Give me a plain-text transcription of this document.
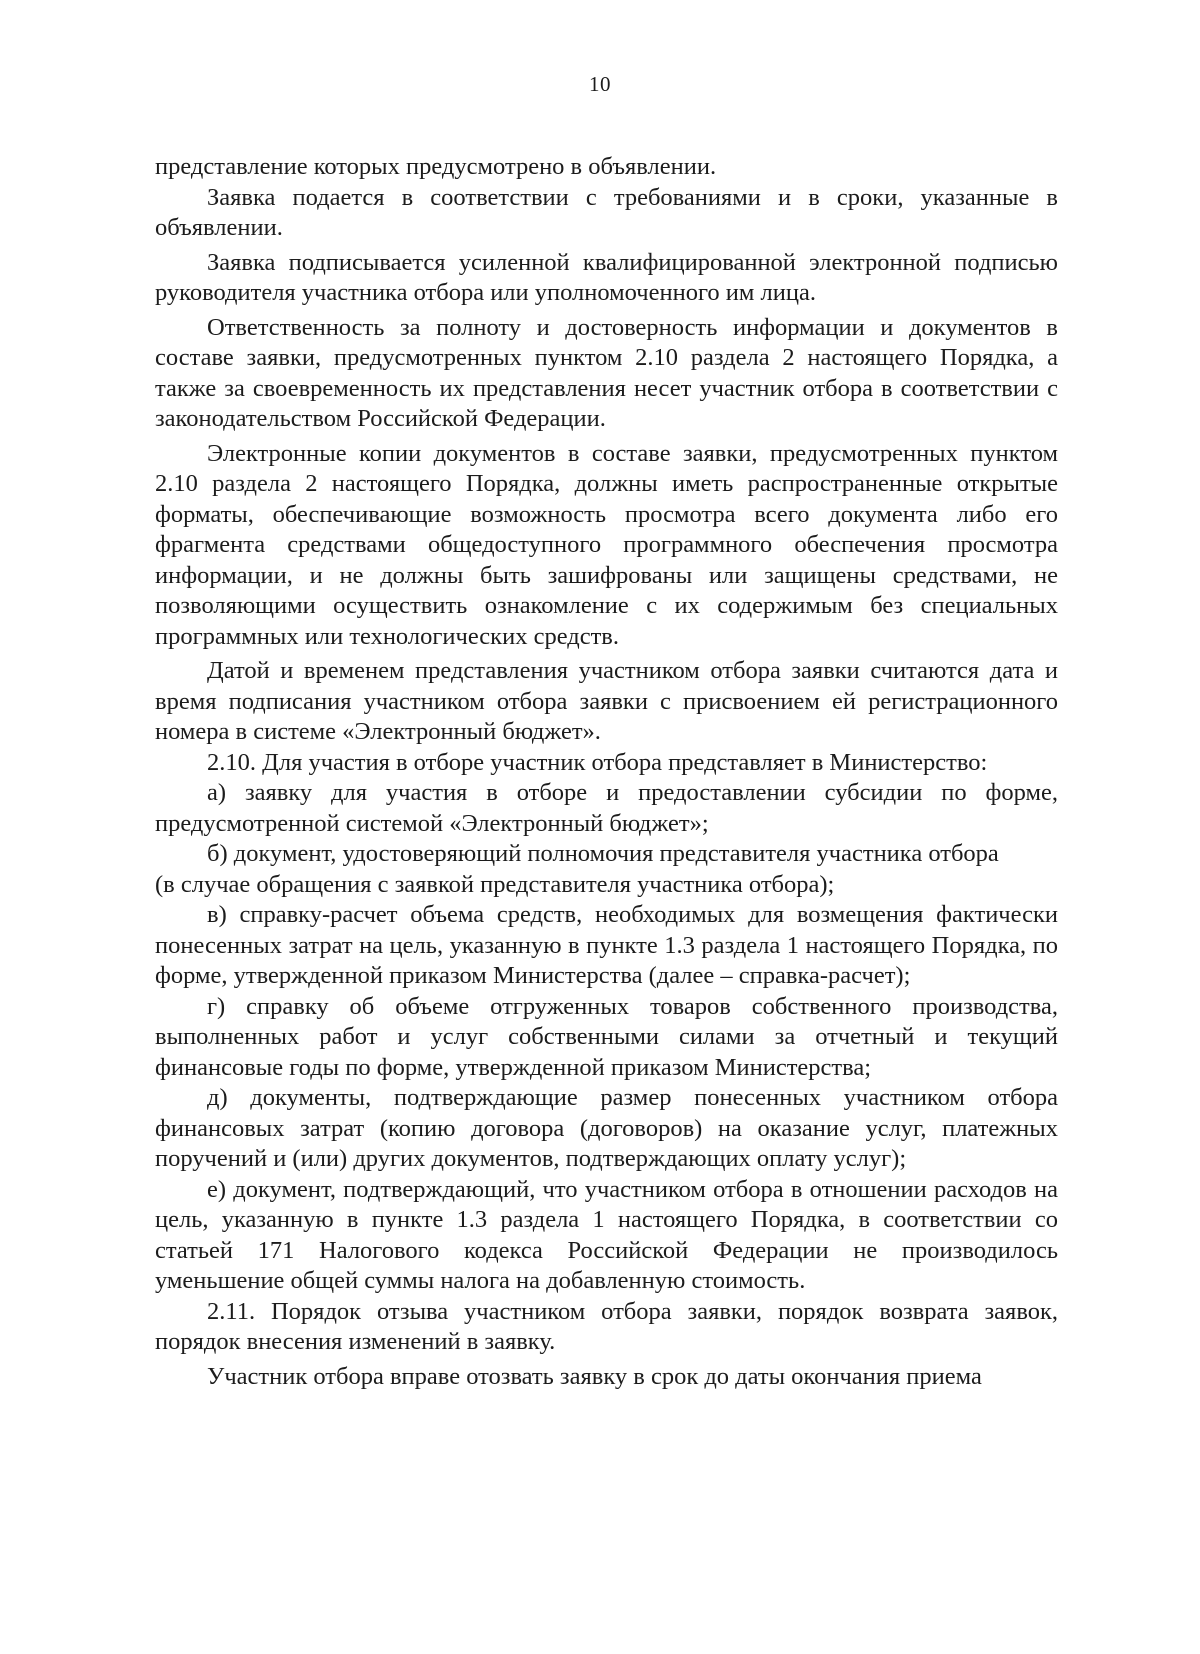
10

представление которых предусмотрено в объявлении.

Заявка подается в соответствии с требованиями и в сроки, указанные в объявлении.

Заявка подписывается усиленной квалифицированной электронной подписью руководителя участника отбора или уполномоченного им лица.

Ответственность за полноту и достоверность информации и документов в составе заявки, предусмотренных пунктом 2.10 раздела 2 настоящего Порядка, а также за своевременность их представления несет участник отбора в соответствии с законодательством Российской Федерации.

Электронные копии документов в составе заявки, предусмотренных пунктом 2.10 раздела 2 настоящего Порядка, должны иметь распространенные открытые форматы, обеспечивающие возможность просмотра всего документа либо его фрагмента средствами общедоступного программного обеспечения просмотра информации, и не должны быть зашифрованы или защищены средствами, не позволяющими осуществить ознакомление с их содержимым без специальных программных или технологических средств.

Датой и временем представления участником отбора заявки считаются дата и время подписания участником отбора заявки с присвоением ей регистрационного номера в системе «Электронный бюджет».

2.10. Для участия в отборе участник отбора представляет в Министерство:

а) заявку для участия в отборе и предоставлении субсидии по форме, предусмотренной системой «Электронный бюджет»;

б) документ, удостоверяющий полномочия представителя участника отбора

(в случае обращения с заявкой представителя участника отбора);

в) справку-расчет объема средств, необходимых для возмещения фактически понесенных затрат на цель, указанную в пункте 1.3 раздела 1 настоящего Порядка, по форме, утвержденной приказом Министерства (далее – справка-расчет);

г) справку об объеме отгруженных товаров собственного производства, выполненных работ и услуг собственными силами за отчетный и текущий финансовые годы по форме, утвержденной приказом Министерства;

д) документы, подтверждающие размер понесенных участником отбора финансовых затрат (копию договора (договоров) на оказание услуг, платежных поручений и (или) других документов, подтверждающих оплату услуг);

е) документ, подтверждающий, что участником отбора в отношении расходов на цель, указанную в пункте 1.3 раздела 1 настоящего Порядка, в соответствии со статьей 171 Налогового кодекса Российской Федерации не производилось уменьшение общей суммы налога на добавленную стоимость.

2.11. Порядок отзыва участником отбора заявки, порядок возврата заявок, порядок внесения изменений в заявку.

Участник отбора вправе отозвать заявку в срок до даты окончания приема
